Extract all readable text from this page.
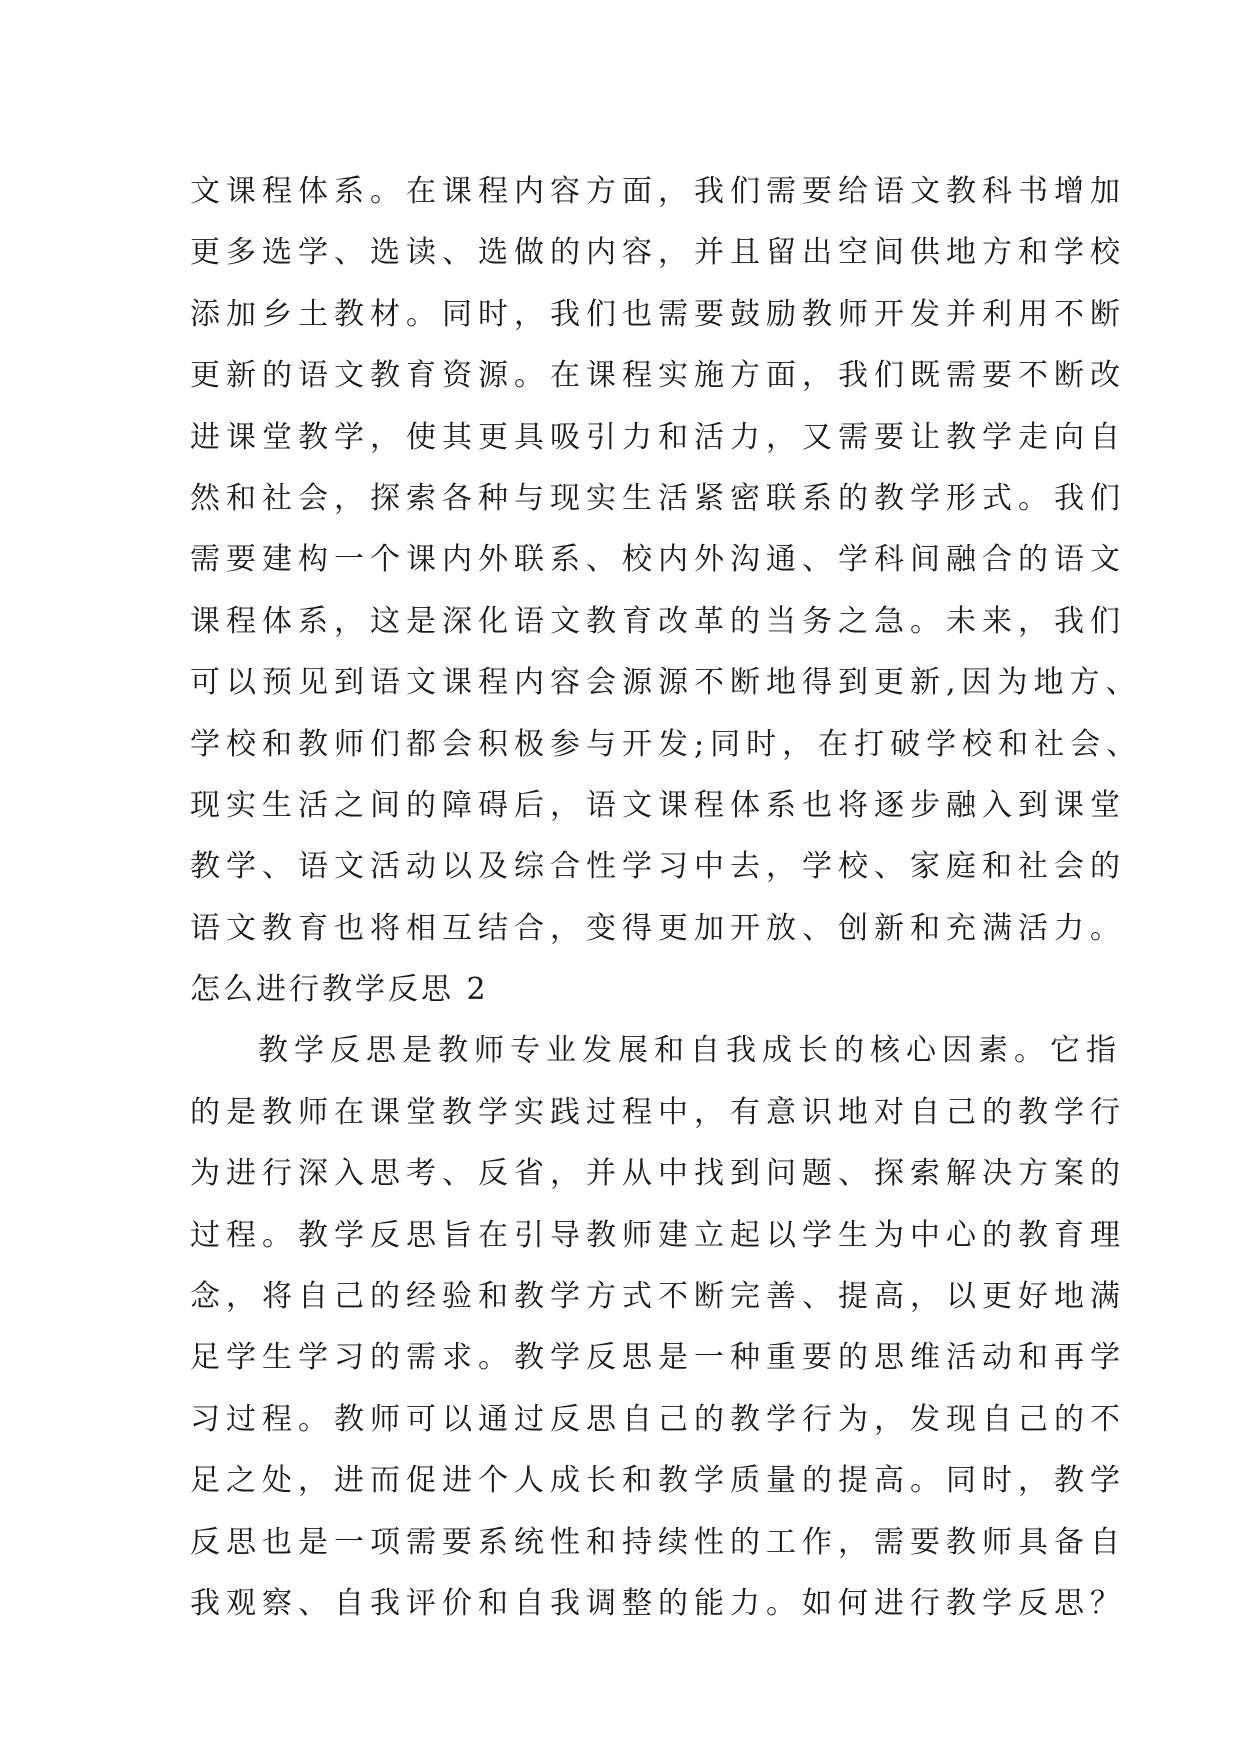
文课程体系。在课程内容方面，我们需要给语文教科书增加
更多选学、选读、选做的内容，并且留出空间供地方和学校
添加乡土教材。同时，我们也需要鼓励教师开发并利用不断
更新的语文教育资源。在课程实施方面，我们既需要不断改
进课堂教学，使其更具吸引力和活力，又需要让教学走向自
然和社会，探索各种与现实生活紧密联系的教学形式。我们
需要建构一个课内外联系、校内外沟通、学科间融合的语文
课程体系，这是深化语文教育改革的当务之急。未来，我们
可以预见到语文课程内容会源源不断地得到更新,因为地方、
学校和教师们都会积极参与开发;同时，在打破学校和社会、
现实生活之间的障碍后，语文课程体系也将逐步融入到课堂
教学、语文活动以及综合性学习中去，学校、家庭和社会的
语文教育也将相互结合，变得更加开放、创新和充满活力。
怎么进行教学反思 2
教学反思是教师专业发展和自我成长的核心因素。它指
的是教师在课堂教学实践过程中，有意识地对自己的教学行
为进行深入思考、反省，并从中找到问题、探索解决方案的
过程。教学反思旨在引导教师建立起以学生为中心的教育理
念，将自己的经验和教学方式不断完善、提高，以更好地满
足学生学习的需求。教学反思是一种重要的思维活动和再学
习过程。教师可以通过反思自己的教学行为，发现自己的不
足之处，进而促进个人成长和教学质量的提高。同时，教学
反思也是一项需要系统性和持续性的工作，需要教师具备自
我观察、自我评价和自我调整的能力。如何进行教学反思？
